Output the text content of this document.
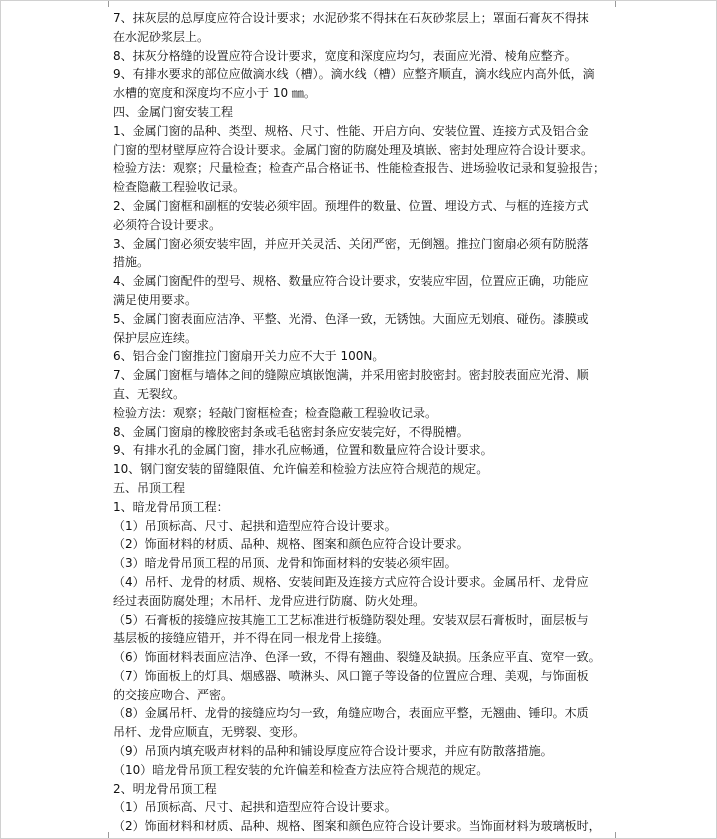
7、抹灰层的总厚度应符合设计要求；水泥砂浆不得抹在石灰砂浆层上；罩面石膏灰不得抹
在水泥砂浆层上。
8、抹灰分格缝的设置应符合设计要求，宽度和深度应均匀，表面应光滑、棱角应整齐。
9、有排水要求的部位应做滴水线（槽）。滴水线（槽）应整齐顺直，滴水线应内高外低，滴
水槽的宽度和深度均不应小于 10 ㎜。
四、金属门窗安装工程
1、金属门窗的品种、类型、规格、尺寸、性能、开启方向、安装位置、连接方式及铝合金
门窗的型材壁厚应符合设计要求。金属门窗的防腐处理及填嵌、密封处理应符合设计要求。
检验方法：观察；尺量检查；检查产品合格证书、性能检查报告、进场验收记录和复验报告；
检查隐蔽工程验收记录。
2、金属门窗框和副框的安装必须牢固。预埋件的数量、位置、埋设方式、与框的连接方式
必须符合设计要求。
3、金属门窗必须安装牢固，并应开关灵活、关闭严密，无倒翘。推拉门窗扇必须有防脱落
措施。
4、金属门窗配件的型号、规格、数量应符合设计要求，安装应牢固，位置应正确，功能应
满足使用要求。
5、金属门窗表面应洁净、平整、光滑、色泽一致，无锈蚀。大面应无划痕、碰伤。漆膜或
保护层应连续。
6、铝合金门窗推拉门窗扇开关力应不大于 100N。
7、金属门窗框与墙体之间的缝隙应填嵌饱满，并采用密封胶密封。密封胶表面应光滑、顺
直、无裂纹。
检验方法：观察；轻敲门窗框检查；检查隐蔽工程验收记录。
8、金属门窗扇的橡胶密封条或毛毡密封条应安装完好，不得脱槽。
9、有排水孔的金属门窗，排水孔应畅通，位置和数量应符合设计要求。
10、钢门窗安装的留缝限值、允许偏差和检验方法应符合规范的规定。
五、吊顶工程
1、暗龙骨吊顶工程：
（1）吊顶标高、尺寸、起拱和造型应符合设计要求。
（2）饰面材料的材质、品种、规格、图案和颜色应符合设计要求。
（3）暗龙骨吊顶工程的吊顶、龙骨和饰面材料的安装必须牢固。
（4）吊杆、龙骨的材质、规格、安装间距及连接方式应符合设计要求。金属吊杆、龙骨应
经过表面防腐处理；木吊杆、龙骨应进行防腐、防火处理。
（5）石膏板的接缝应按其施工工艺标准进行板缝防裂处理。安装双层石膏板时，面层板与
基层板的接缝应错开，并不得在同一根龙骨上接缝。
（6）饰面材料表面应洁净、色泽一致，不得有翘曲、裂缝及缺损。压条应平直、宽窄一致。
（7）饰面板上的灯具、烟感器、喷淋头、风口篦子等设备的位置应合理、美观，与饰面板
的交接应吻合、严密。
（8）金属吊杆、龙骨的接缝应均匀一致，角缝应吻合，表面应平整，无翘曲、锤印。木质
吊杆、龙骨应顺直，无劈裂、变形。
（9）吊顶内填充吸声材料的品种和铺设厚度应符合设计要求，并应有防散落措施。
（10）暗龙骨吊顶工程安装的允许偏差和检查方法应符合规范的规定。
2、明龙骨吊顶工程
（1）吊顶标高、尺寸、起拱和造型应符合设计要求。
（2）饰面材料和材质、品种、规格、图案和颜色应符合设计要求。当饰面材料为玻璃板时，
